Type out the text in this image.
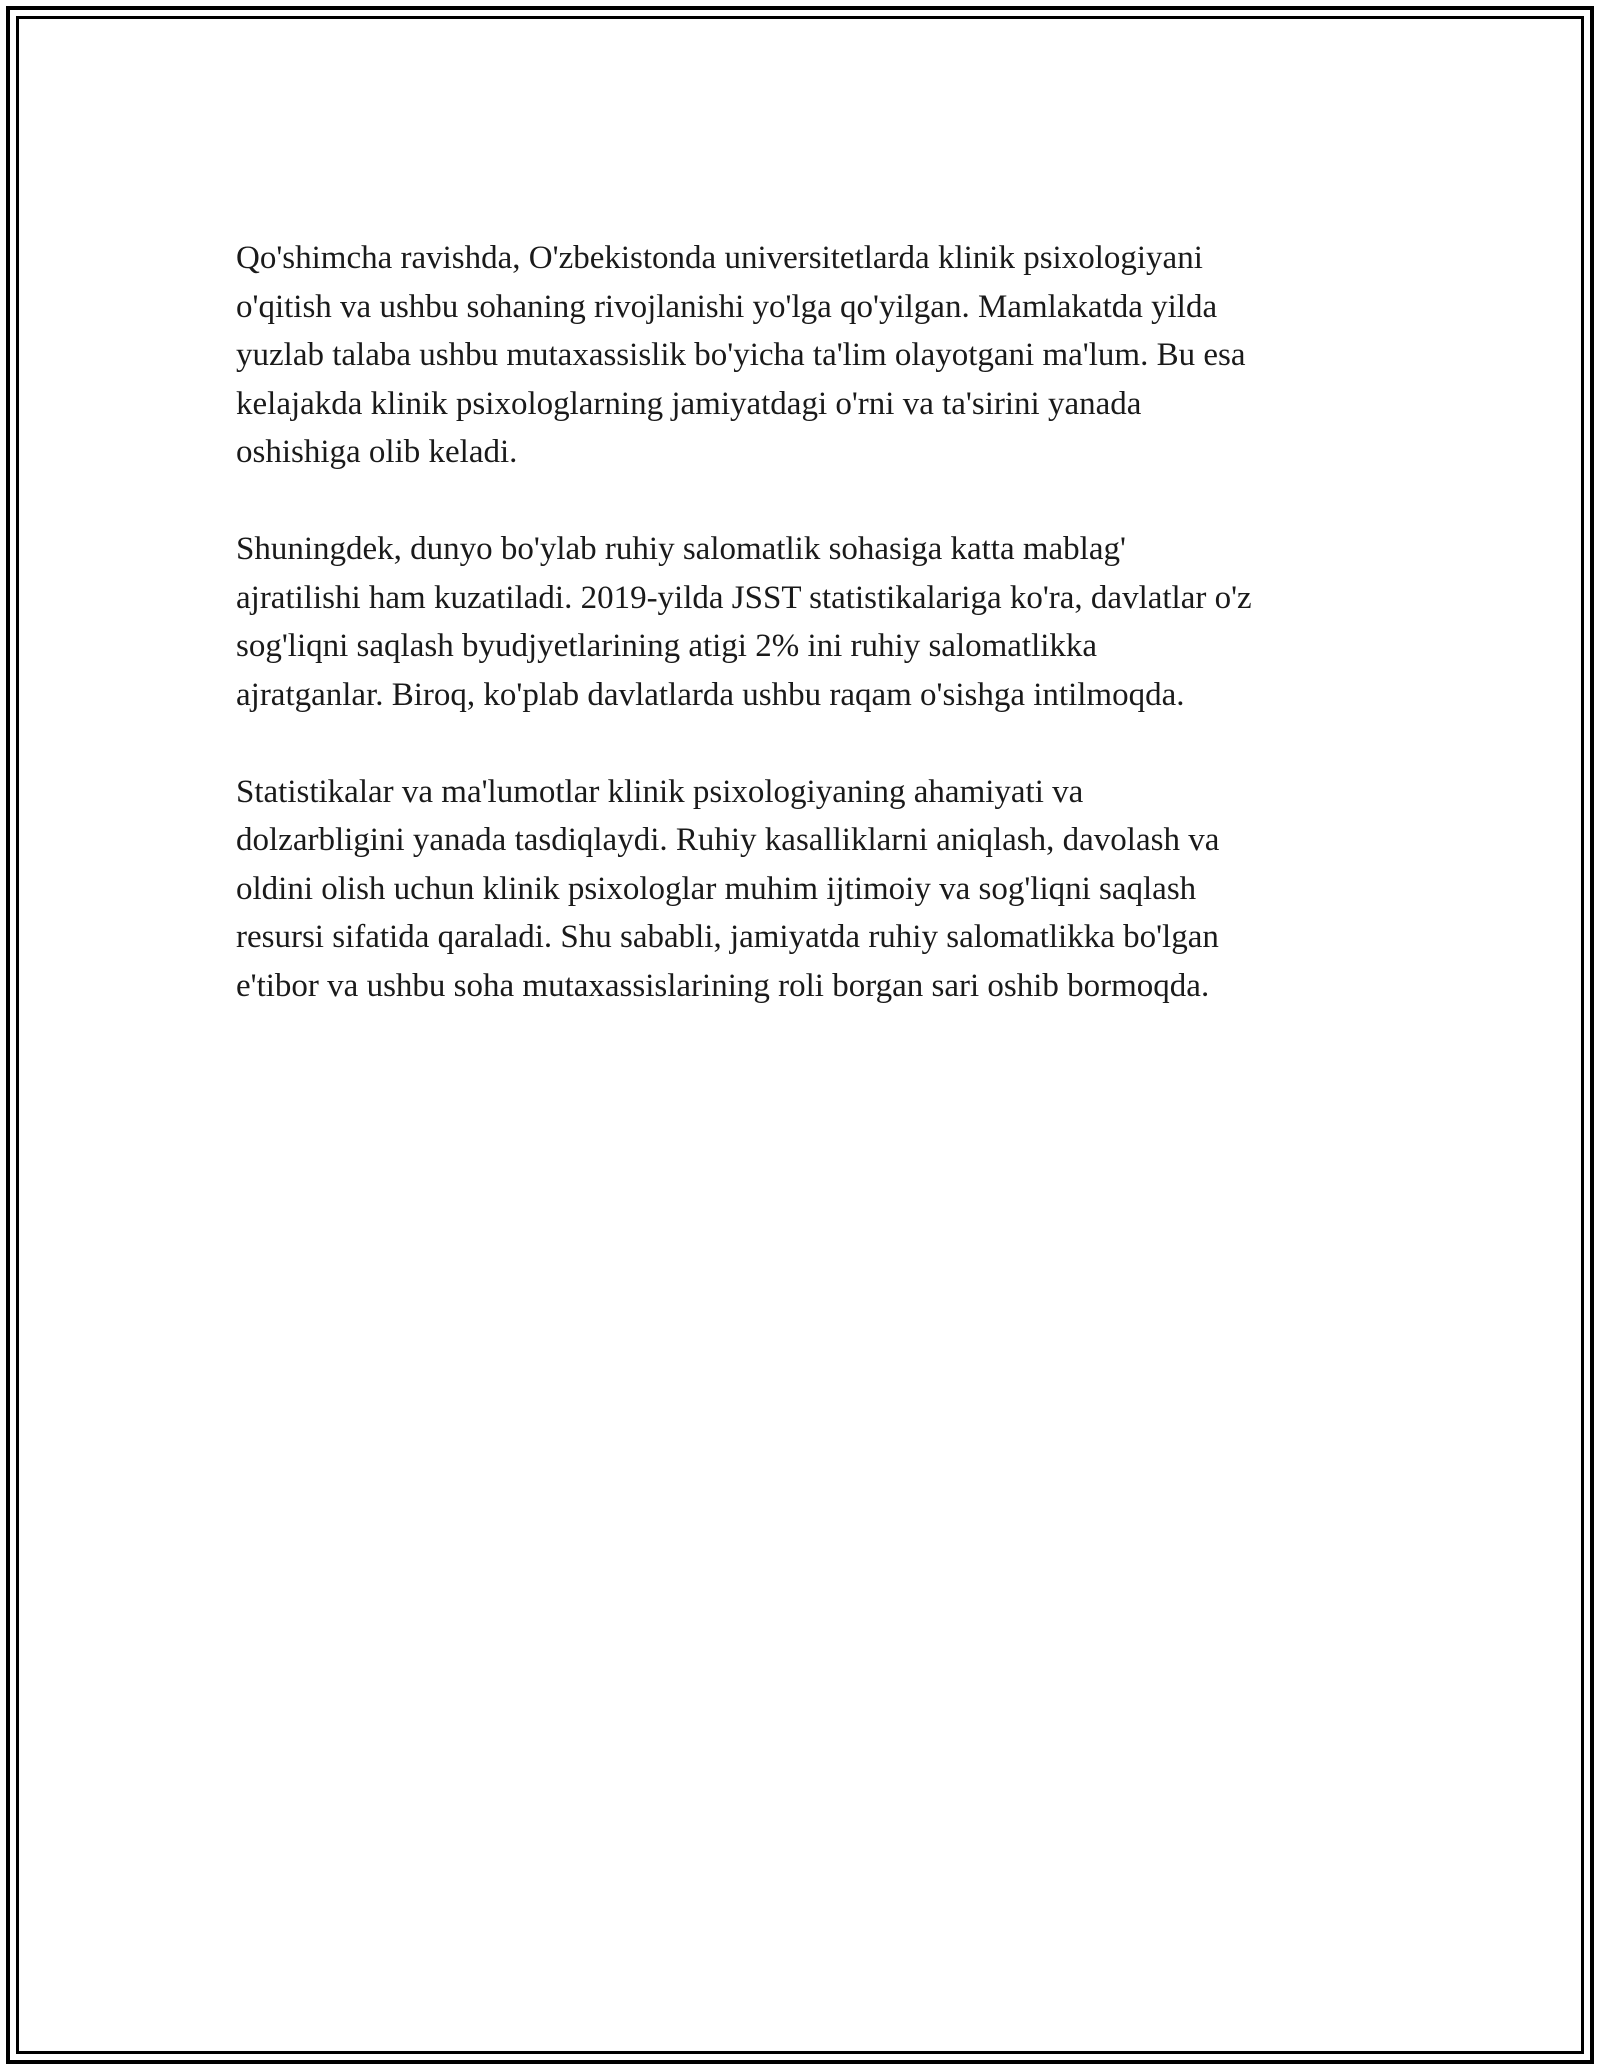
Qo'shimcha ravishda, O'zbekistonda universitetlarda klinik psixologiyani
o'qitish va ushbu sohaning rivojlanishi yo'lga qo'yilgan. Mamlakatda yilda
yuzlab talaba ushbu mutaxassislik bo'yicha ta'lim olayotgani ma'lum. Bu esa
kelajakda klinik psixologlarning jamiyatdagi o'rni va ta'sirini yanada
oshishiga olib keladi.

Shuningdek, dunyo bo'ylab ruhiy salomatlik sohasiga katta mablag'
ajratilishi ham kuzatiladi. 2019-yilda JSST statistikalariga ko'ra, davlatlar o'z
sog'liqni saqlash byudjyetlarining atigi 2% ini ruhiy salomatlikka
ajratganlar. Biroq, ko'plab davlatlarda ushbu raqam o'sishga intilmoqda.

Statistikalar va ma'lumotlar klinik psixologiyaning ahamiyati va
dolzarbligini yanada tasdiqlaydi. Ruhiy kasalliklarni aniqlash, davolash va
oldini olish uchun klinik psixologlar muhim ijtimoiy va sog'liqni saqlash
resursi sifatida qaraladi. Shu sababli, jamiyatda ruhiy salomatlikka bo'lgan
e'tibor va ushbu soha mutaxassislarining roli borgan sari oshib bormoqda.
